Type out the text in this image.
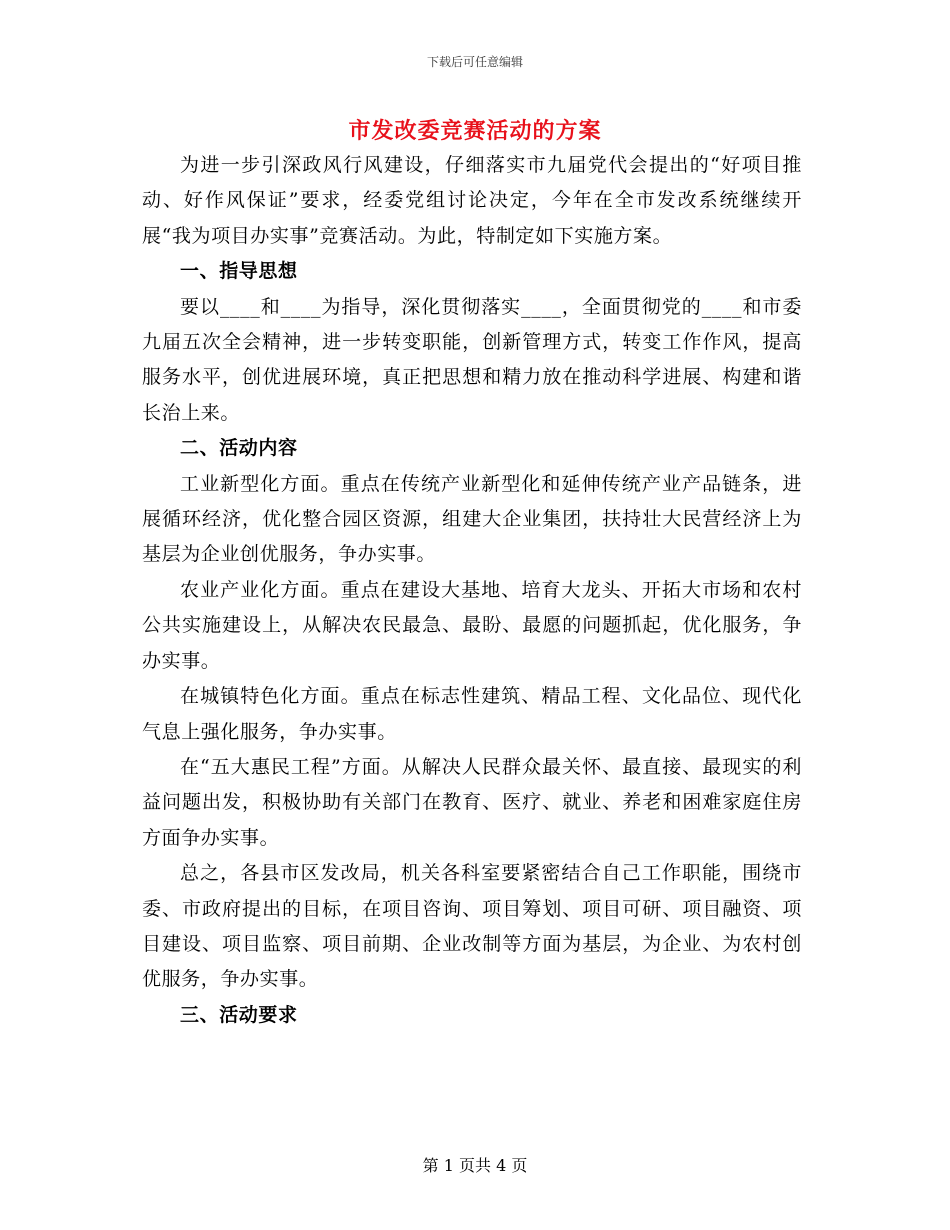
下载后可任意编辑
市发改委竞赛活动的方案

为进一步引深政风行风建设，仔细落实市九届党代会提出的“好项目推动、好作风保证”要求，经委党组讨论决定，今年在全市发改系统继续开展“我为项目办实事”竞赛活动。为此，特制定如下实施方案。

一、指导思想

要以____和____为指导，深化贯彻落实____，全面贯彻党的____和市委九届五次全会精神，进一步转变职能，创新管理方式，转变工作作风，提高服务水平，创优进展环境，真正把思想和精力放在推动科学进展、构建和谐长治上来。

二、活动内容

工业新型化方面。重点在传统产业新型化和延伸传统产业产品链条，进展循环经济，优化整合园区资源，组建大企业集团，扶持壮大民营经济上为基层为企业创优服务，争办实事。

农业产业化方面。重点在建设大基地、培育大龙头、开拓大市场和农村公共实施建设上，从解决农民最急、最盼、最愿的问题抓起，优化服务，争办实事。

在城镇特色化方面。重点在标志性建筑、精品工程、文化品位、现代化气息上强化服务，争办实事。

在“五大惠民工程”方面。从解决人民群众最关怀、最直接、最现实的利益问题出发，积极协助有关部门在教育、医疗、就业、养老和困难家庭住房方面争办实事。

总之，各县市区发改局，机关各科室要紧密结合自己工作职能，围绕市委、市政府提出的目标，在项目咨询、项目筹划、项目可研、项目融资、项目建设、项目监察、项目前期、企业改制等方面为基层，为企业、为农村创优服务，争办实事。

三、活动要求

第 1 页共 4 页
